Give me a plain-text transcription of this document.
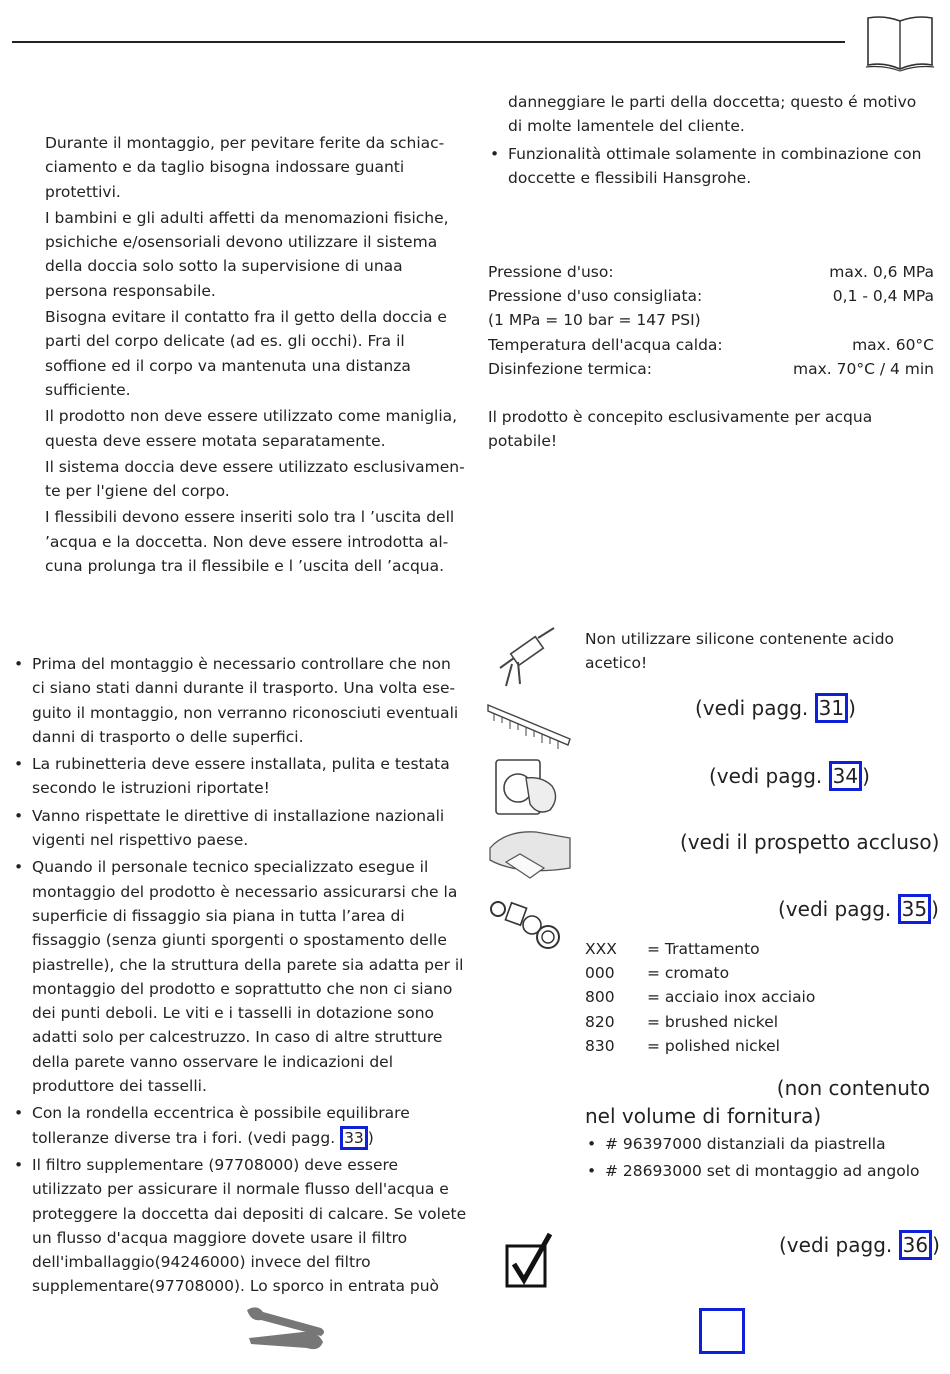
Durante il montaggio, per pevitare ferite da schiac- ciamento e da taglio bisogna indossare guanti protettivi.

I bambini e gli adulti affetti da menomazioni fisiche, psichiche e/osensoriali devono utilizzare il sistema della doccia solo sotto la supervisione di unaa persona responsabile.

Bisogna evitare il contatto fra il getto della doccia e parti del corpo delicate (ad es. gli occhi). Fra il soffione ed il corpo va mantenuta una distanza sufficiente.

Il prodotto non deve essere utilizzato come maniglia, questa deve essere motata separatamente.

Il sistema doccia deve essere utilizzato esclusivamen- te per l'giene del corpo.

I flessibili devono essere inseriti solo tra l ’uscita dell ’acqua e la doccetta. Non deve essere introdotta al- cuna prolunga tra il flessibile e l ’uscita dell ’acqua.

danneggiare le parti della doccetta; questo é motivo di molte lamentele del cliente.

• Funzionalità ottimale solamente in combinazione con doccette e flessibili Hansgrohe.
Pressione d'uso:	max. 0,6 MPa
Pressione d'uso consigliata:	0,1 - 0,4 MPa
(1 MPa = 10 bar = 147 PSI)
Temperatura dell'acqua calda:	max. 60°C
Disinfezione termica:	max. 70°C / 4 min

Il prodotto è concepito esclusivamente per acqua potabile!

• Prima del montaggio è necessario controllare che non ci siano stati danni durante il trasporto. Una volta ese- guito il montaggio, non verranno riconosciuti eventuali danni di trasporto o delle superfici.
• La rubinetteria deve essere installata, pulita e testata secondo le istruzioni riportate!
• Vanno rispettate le direttive di installazione nazionali vigenti nel rispettivo paese.
• Quando il personale tecnico specializzato esegue il montaggio del prodotto è necessario assicurarsi che la superficie di fissaggio sia piana in tutta l’area di fissaggio (senza giunti sporgenti o spostamento delle piastrelle), che la struttura della parete sia adatta per il montaggio del prodotto e soprattutto che non ci siano dei punti deboli. Le viti e i tasselli in dotazione sono adatti solo per calcestruzzo. In caso di altre strutture della parete vanno osservare le indicazioni del produttore dei tasselli.
• Con la rondella eccentrica è possibile equilibrare tolleranze diverse tra i fori. (vedi pagg. 33 )
• Il filtro supplementare (97708000) deve essere utilizzato per assicurare il normale flusso dell'acqua e proteggere la doccetta dai depositi di calcare. Se volete un flusso d'acqua maggiore dovete usare il filtro dell'imballaggio(94246000) invece del filtro supplementare(97708000). Lo sporco in entrata può

Non utilizzare silicone contenente acido acetico!

(vedi pagg. 31 )
(vedi pagg. 34 )
(vedi il prospetto accluso)
(vedi pagg. 35 )
XXX	= Trattamento
000	= cromato
800	= acciaio inox acciaio
820	= brushed nickel
830	= polished nickel
(non contenuto
nel volume di fornitura)
• # 96397000 distanziali da piastrella
• # 28693000 set di montaggio ad angolo
(vedi pagg. 36 )
